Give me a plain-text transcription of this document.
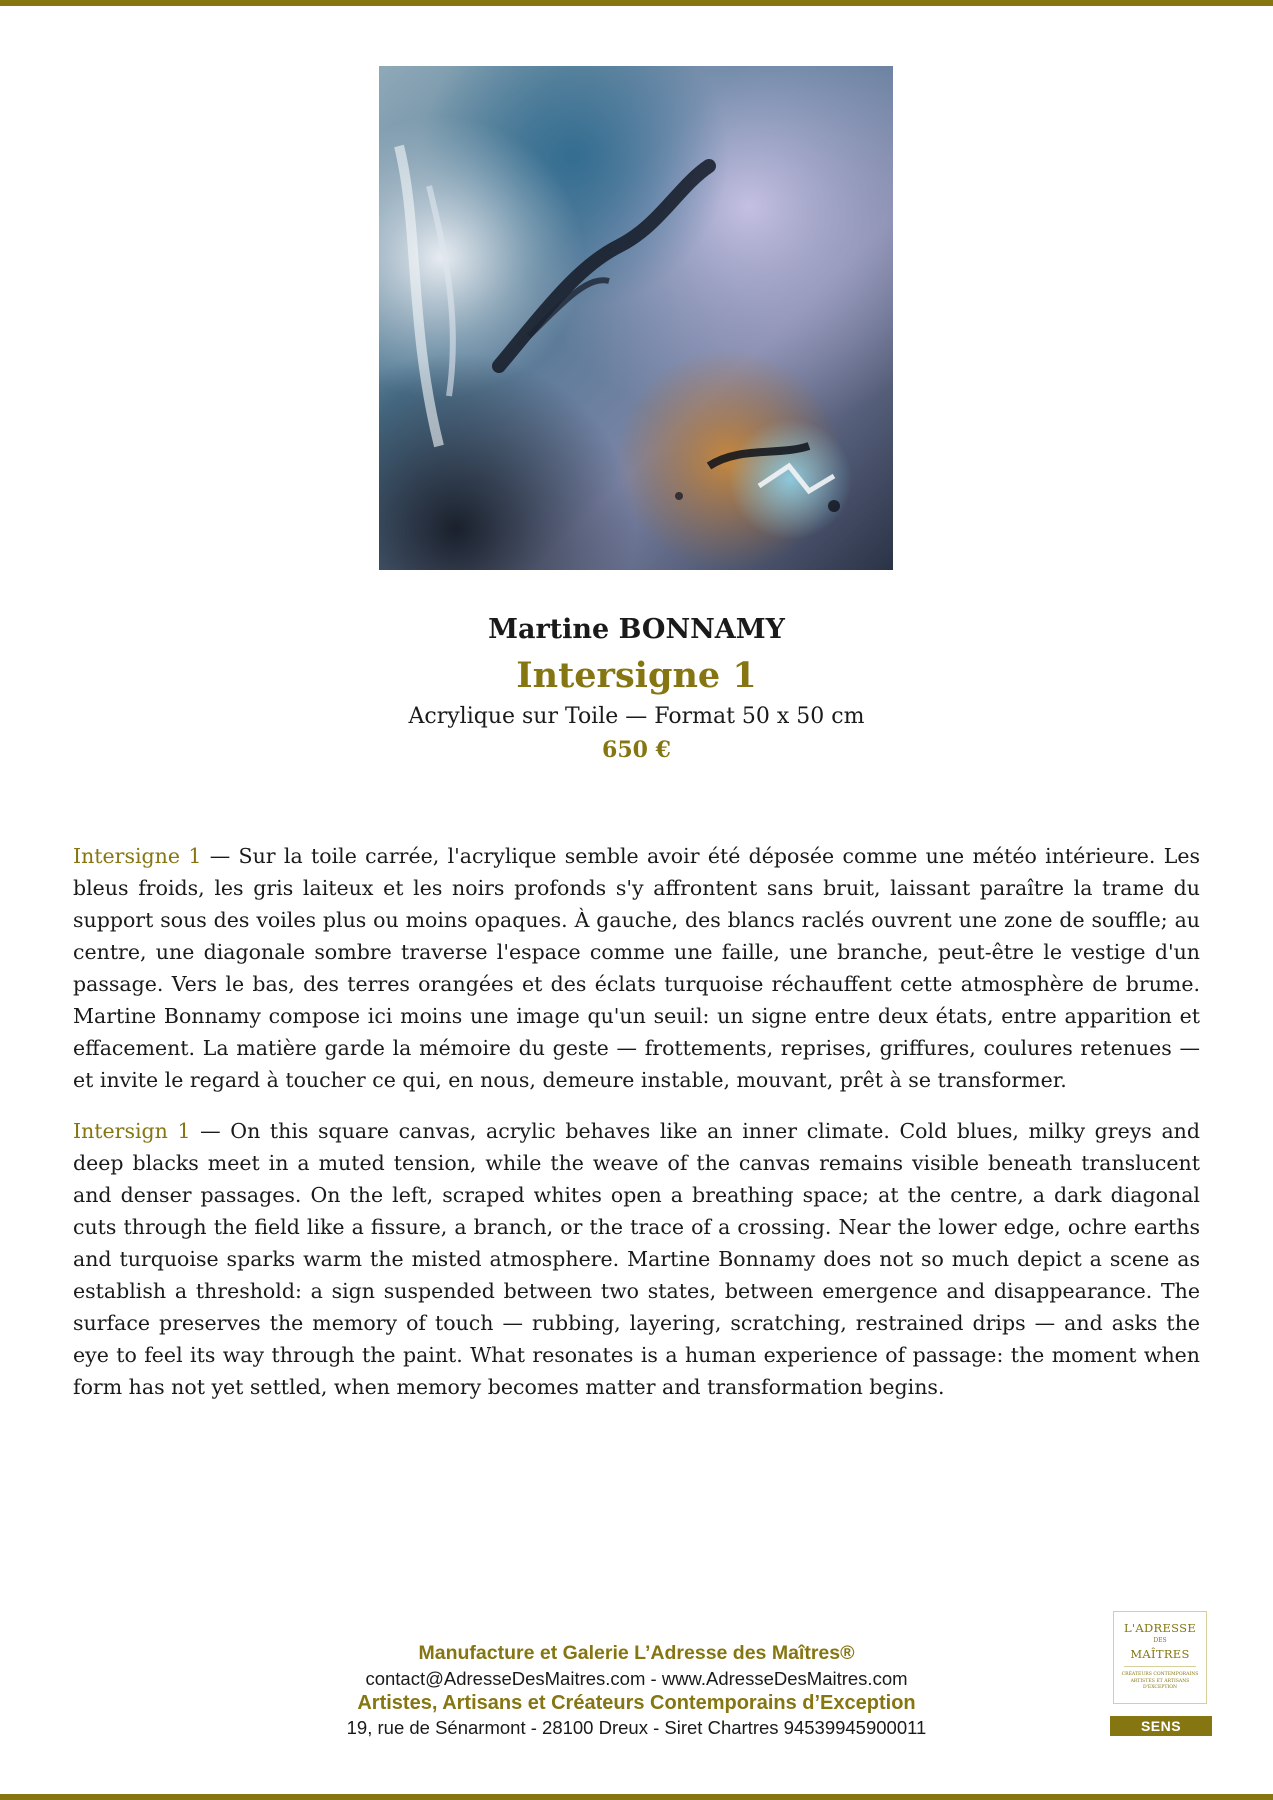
Martine BONNAMY
Intersigne 1
Acrylique sur Toile — Format 50 x 50 cm
650 €

Intersigne 1 — Sur la toile carrée, l'acrylique semble avoir été déposée comme une météo intérieure. Les bleus froids, les gris laiteux et les noirs profonds s'y affrontent sans bruit, laissant paraître la trame du support sous des voiles plus ou moins opaques. À gauche, des blancs raclés ouvrent une zone de souffle; au centre, une diagonale sombre traverse l'espace comme une faille, une branche, peut-être le vestige d'un passage. Vers le bas, des terres orangées et des éclats turquoise réchauffent cette atmosphère de brume. Martine Bonnamy compose ici moins une image qu'un seuil: un signe entre deux états, entre apparition et effacement. La matière garde la mémoire du geste — frottements, reprises, griffures, coulures retenues — et invite le regard à toucher ce qui, en nous, demeure instable, mouvant, prêt à se transformer.

Intersign 1 — On this square canvas, acrylic behaves like an inner climate. Cold blues, milky greys and deep blacks meet in a muted tension, while the weave of the canvas remains visible beneath translucent and denser passages. On the left, scraped whites open a breathing space; at the centre, a dark diagonal cuts through the field like a fissure, a branch, or the trace of a crossing. Near the lower edge, ochre earths and turquoise sparks warm the misted atmosphere. Martine Bonnamy does not so much depict a scene as establish a threshold: a sign suspended between two states, between emergence and disappearance. The surface preserves the memory of touch — rubbing, layering, scratching, restrained drips — and asks the eye to feel its way through the paint. What resonates is a human experience of passage: the moment when form has not yet settled, when memory becomes matter and transformation begins.

Manufacture et Galerie L’Adresse des Maîtres®
contact@AdresseDesMaitres.com - www.AdresseDesMaitres.com
Artistes, Artisans et Créateurs Contemporains d’Exception
19, rue de Sénarmont - 28100 Dreux - Siret Chartres 94539945900011
L'ADRESSE
DES
MAÎTRES
CRÉATEURS CONTEMPORAINS ARTISTES ET ARTISANS D'EXCEPTION
SENS
